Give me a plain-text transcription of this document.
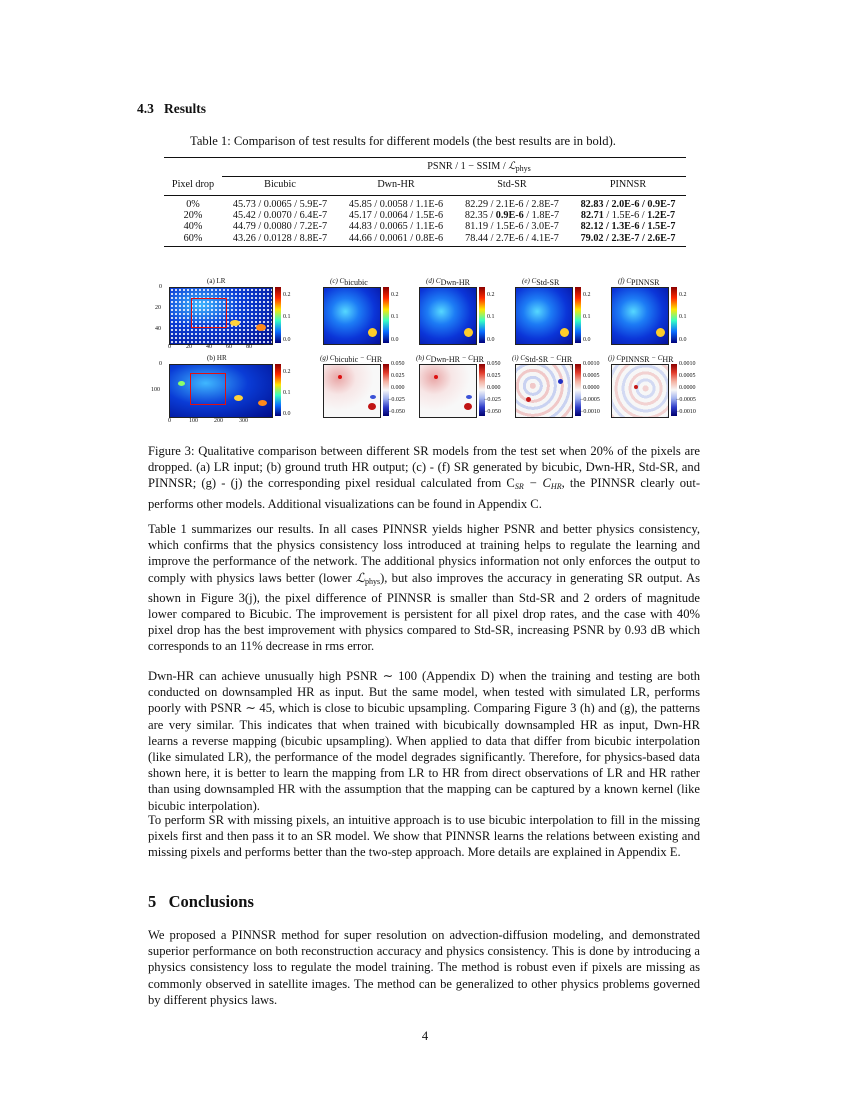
4.3 Results
Table 1: Comparison of test results for different models (the best results are in bold).
PSNR / 1 − SSIM / ℒ$_{phys}$
Pixel drop	Bicubic	Dwn-HR	Std-SR	PINNSR
0%	45.73 / 0.0065 / 5.9E-7	45.85 / 0.0058 / 1.1E-6	82.29 / 2.1E-6 / 2.8E-7	82.83 / 2.0E-6 / 0.9E-7
20%	45.42 / 0.0070 / 6.4E-7	45.17 / 0.0064 / 1.5E-6	82.35 / 0.9E-6 / 1.8E-7	82.71 / 1.5E-6 / 1.2E-7
40%	44.79 / 0.0080 / 7.2E-7	44.83 / 0.0065 / 1.1E-6	81.19 / 1.5E-6 / 3.0E-7	82.12 / 1.3E-6 / 1.5E-7
60%	43.26 / 0.0128 / 8.8E-7	44.66 / 0.0061 / 0.8E-6	78.44 / 2.7E-6 / 4.1E-7	79.02 / 2.3E-7 / 2.6E-7
(a) LR
0
20
40
0	20 40 60 80
0.2
0.1
0.0
(c) Cbicubic
0.2
0.1
0.0
(d) CDwn-HR
0.2
0.1
0.0
(e) CStd-SR
0.2
0.1
0.0
(f) CPINNSR
0.2
0.1
0.0
(b) HR
0
100
0	100	200	300
0.2
0.1
0.0
(g) Cbicubic − CHR 0.050
0.025
0.000
−0.025
−0.050
(h) CDwn-HR − CHR 0.050
0.025
0.000
−0.025
−0.050
(i) CStd-SR − CHR 0.0010
0.0005
0.0000
−0.0005
−0.0010
(j) CPINNSR − CHR 0.0010
0.0005
0.0000
−0.0005
−0.0010
Figure 3: Qualitative comparison between different SR models from the test set when 20% of the pixels are dropped. (a) LR input; (b) ground truth HR output; (c) - (f) SR generated by bicubic, Dwn-HR, Std-SR, and PINNSR; (g) - (j) the corresponding pixel residual calculated from $C_{SR} - C_{HR}$, the PINNSR clearly out-performs other models. Additional visualizations can be found in Appendix C.
Table 1 summarizes our results. In all cases PINNSR yields higher PSNR and better physics consistency, which confirms that the physics consistency loss introduced at training helps to regulate the learning and improve the performance of the network. The additional physics information not only enforces the output to comply with physics laws better (lower ℒ$_{phys}$), but also improves the accuracy in generating SR output. As shown in Figure 3(j), the pixel difference of PINNSR is smaller than Std-SR and 2 orders of magnitude lower compared to Bicubic. The improvement is persistent for all pixel drop rates, and the case with 40% pixel drop has the best improvement with physics compared to Std-SR, increasing PSNR by 0.93 dB which corresponds to an 11% decrease in rms error.
Dwn-HR can achieve unusually high PSNR ∼ 100 (Appendix D) when the training and testing are both conducted on downsampled HR as input. But the same model, when tested with simulated LR, performs poorly with PSNR ∼ 45, which is close to bicubic upsampling. Comparing Figure 3 (h) and (g), the patterns are very similar. This indicates that when trained with bicubically downsampled HR as input, Dwn-HR learns a reverse mapping (bicubic upsampling). When applied to data that differ from bicubic interpolation (like simulated LR), the performance of the model degrades significantly. Therefore, for physics-based data shown here, it is better to learn the mapping from LR to HR from direct observations of LR and HR rather than using downsampled HR with the assumption that the mapping can be captured by a known kernel (like bicubic interpolation).
To perform SR with missing pixels, an intuitive approach is to use bicubic interpolation to fill in the missing pixels first and then pass it to an SR model. We show that PINNSR learns the relations between existing and missing pixels and performs better than the two-step approach. More details are explained in Appendix E.
5 Conclusions
We proposed a PINNSR method for super resolution on advection-diffusion modeling, and demonstrated superior performance on both reconstruction accuracy and physics consistency. This is done by introducing a physics consistency loss to regulate the model training. The method is robust even if pixels are missing as commonly observed in satellite images. The method can be generalized to other physics problems governed by different physics laws.
4
